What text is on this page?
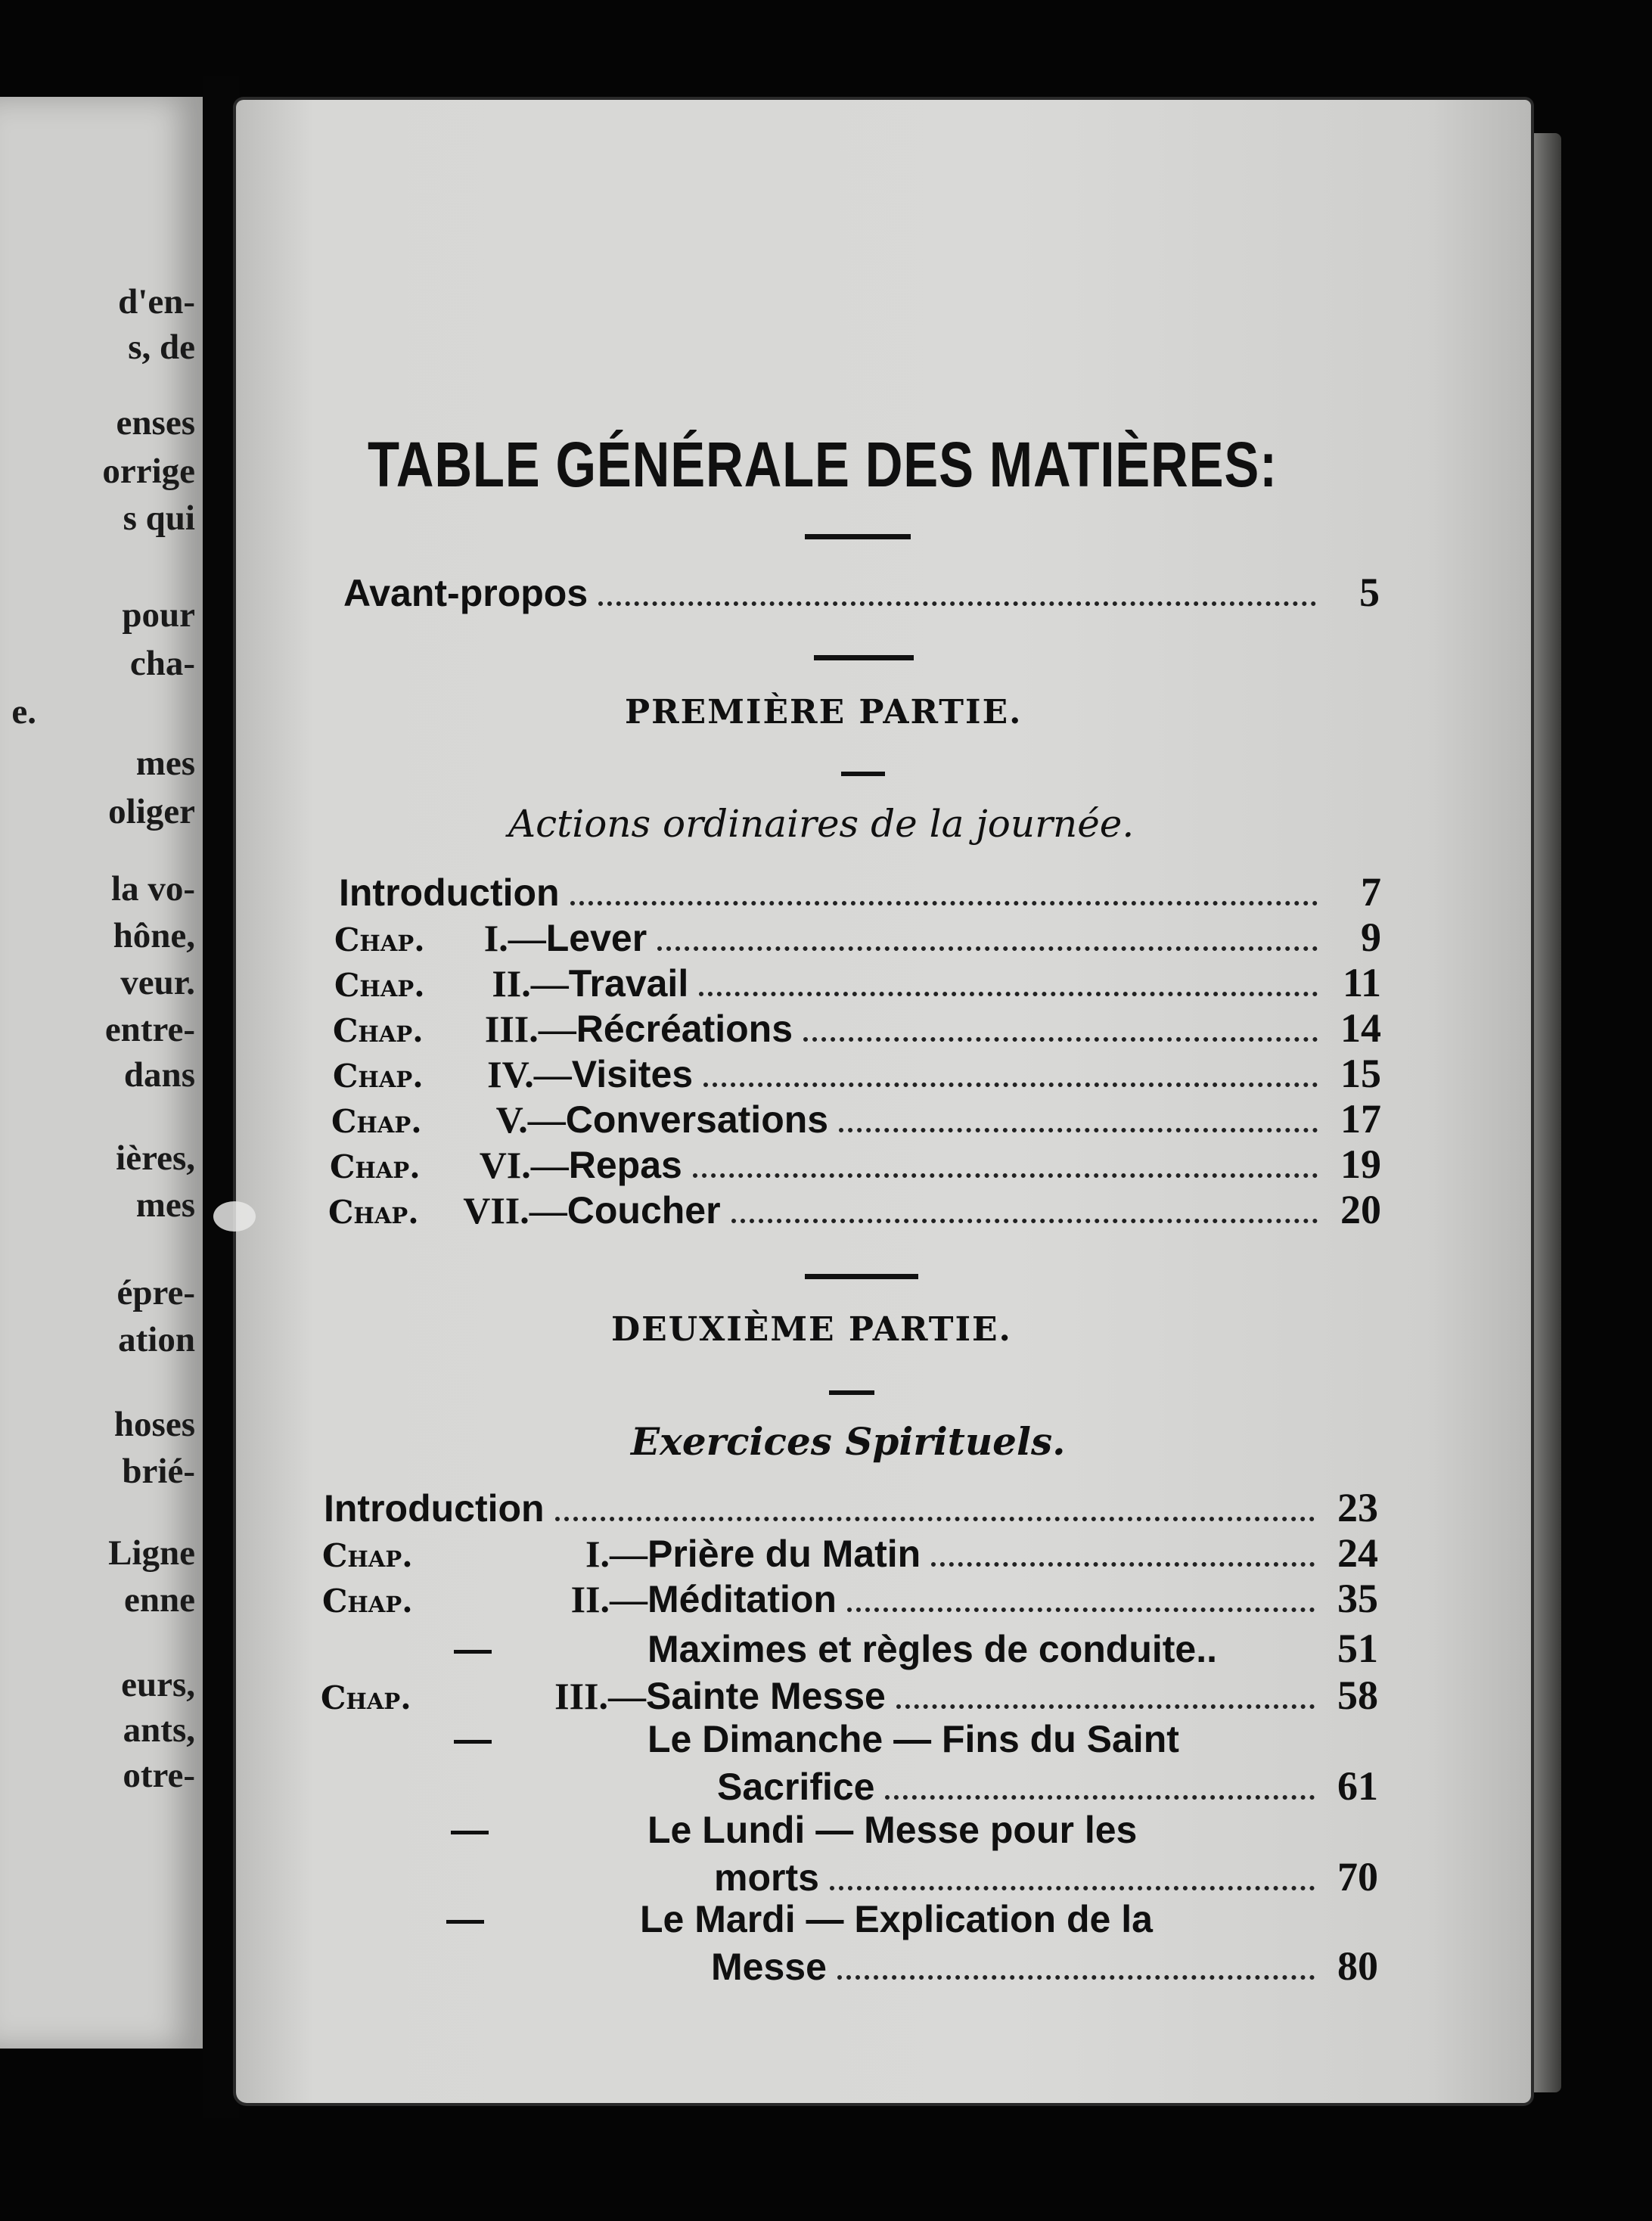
d'en-
s, de
enses
orrige
s qui
pour
cha-
e.
mes
oliger
la vo-
hône,
veur.
entre-
dans
ières,
mes
épre-
ation
hoses
brié-
Ligne
enne
eurs,
ants,
otre-
TABLE GÉNÉRALE DES MATIÈRES:
Avant-propos	5
PREMIÈRE PARTIE.
Actions ordinaires de la journée.
Introduction	7
Chap.	I.— Lever	9
Chap.	II.— Travail	11
Chap.	III.— Récréations	14
Chap.	IV.— Visites	15
Chap.	V.— Conversations	17
Chap.	VI.— Repas	19
Chap.	VII.— Coucher	20
DEUXIÈME PARTIE.
Exercices Spirituels.
Introduction	23
Chap.	I.— Prière du Matin	24
Chap.	II.— Méditation	35
—	Maximes et règles de conduite..	51
Chap.	III.— Sainte Messe	58
—	Le Dimanche — Fins du Saint
Sacrifice	61
—	Le Lundi — Messe pour les
morts	70
—	Le Mardi — Explication de la
Messe	80
